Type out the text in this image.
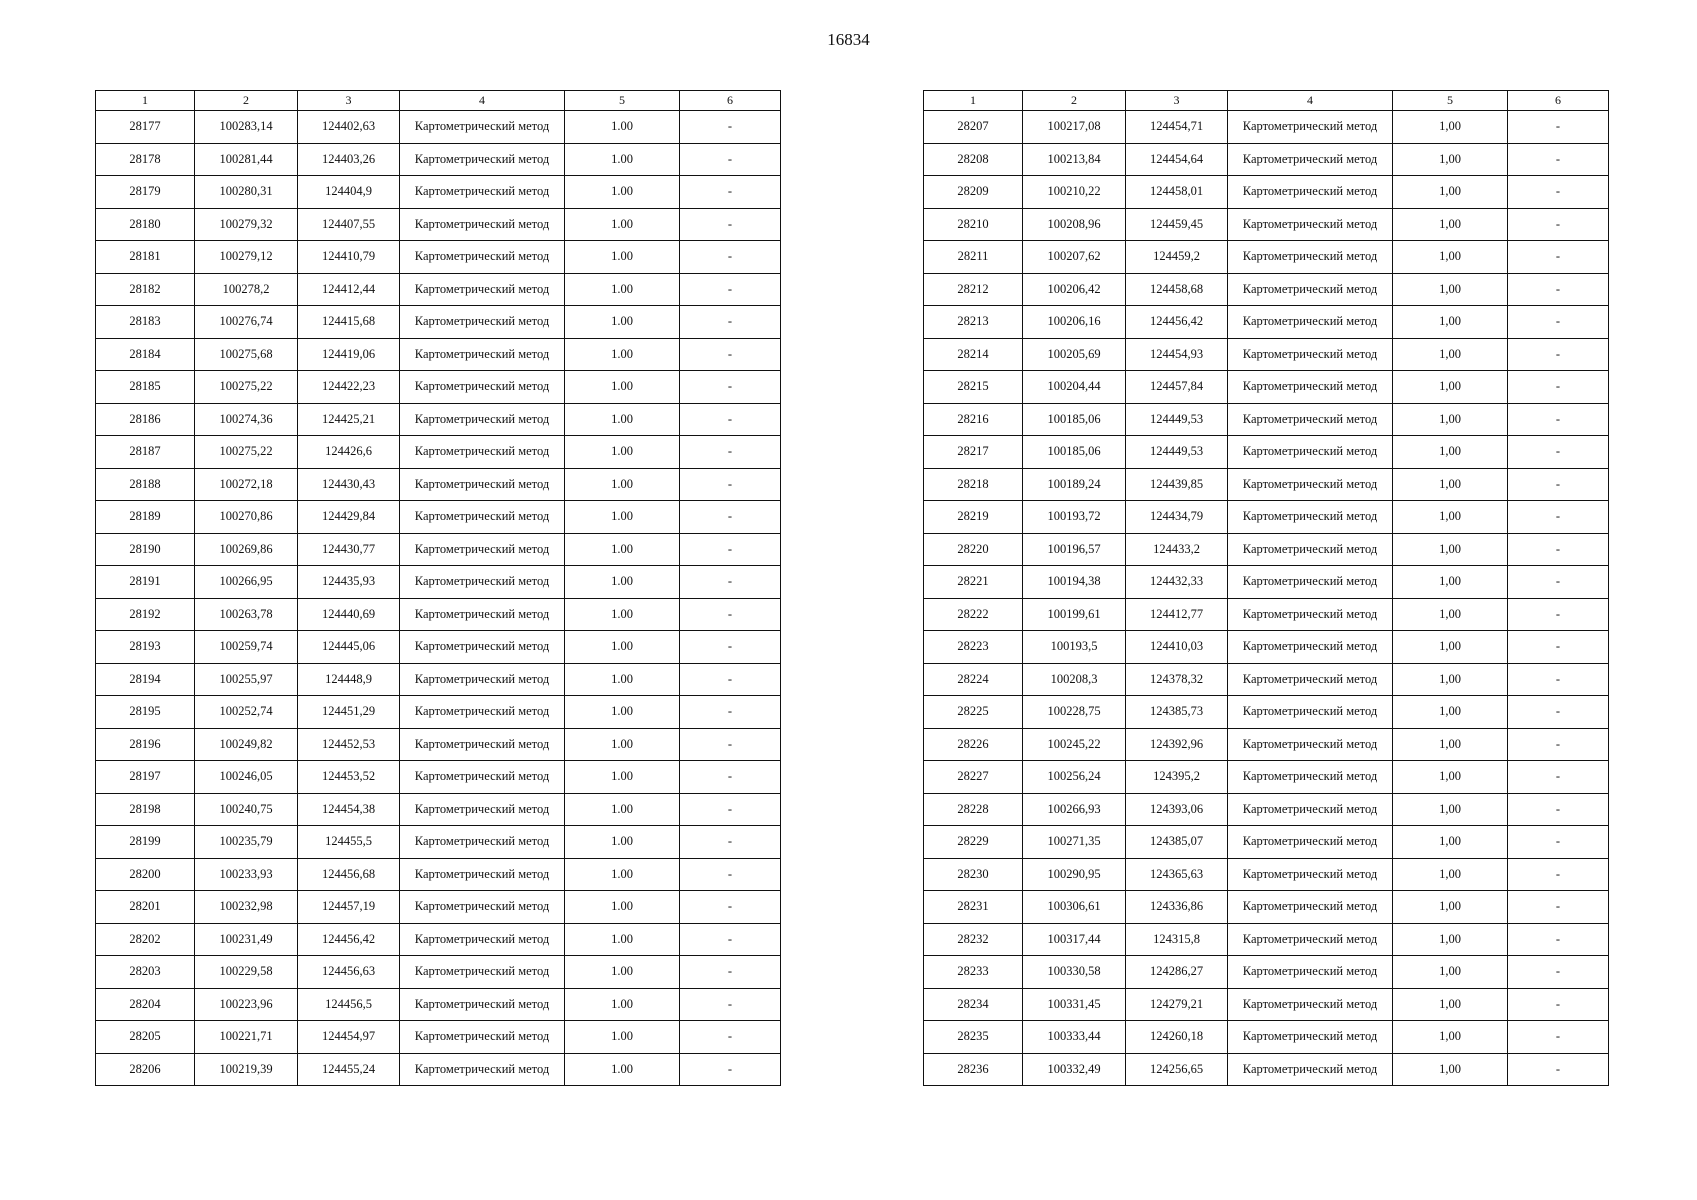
16834
1	2	3	4	5	6
28177	100283,14	124402,63	Картометрический метод	1.00	-
28178	100281,44	124403,26	Картометрический метод	1.00	-
28179	100280,31	124404,9	Картометрический метод	1.00	-
28180	100279,32	124407,55	Картометрический метод	1.00	-
28181	100279,12	124410,79	Картометрический метод	1.00	-
28182	100278,2	124412,44	Картометрический метод	1.00	-
28183	100276,74	124415,68	Картометрический метод	1.00	-
28184	100275,68	124419,06	Картометрический метод	1.00	-
28185	100275,22	124422,23	Картометрический метод	1.00	-
28186	100274,36	124425,21	Картометрический метод	1.00	-
28187	100275,22	124426,6	Картометрический метод	1.00	-
28188	100272,18	124430,43	Картометрический метод	1.00	-
28189	100270,86	124429,84	Картометрический метод	1.00	-
28190	100269,86	124430,77	Картометрический метод	1.00	-
28191	100266,95	124435,93	Картометрический метод	1.00	-
28192	100263,78	124440,69	Картометрический метод	1.00	-
28193	100259,74	124445,06	Картометрический метод	1.00	-
28194	100255,97	124448,9	Картометрический метод	1.00	-
28195	100252,74	124451,29	Картометрический метод	1.00	-
28196	100249,82	124452,53	Картометрический метод	1.00	-
28197	100246,05	124453,52	Картометрический метод	1.00	-
28198	100240,75	124454,38	Картометрический метод	1.00	-
28199	100235,79	124455,5	Картометрический метод	1.00	-
28200	100233,93	124456,68	Картометрический метод	1.00	-
28201	100232,98	124457,19	Картометрический метод	1.00	-
28202	100231,49	124456,42	Картометрический метод	1.00	-
28203	100229,58	124456,63	Картометрический метод	1.00	-
28204	100223,96	124456,5	Картометрический метод	1.00	-
28205	100221,71	124454,97	Картометрический метод	1.00	-
28206	100219,39	124455,24	Картометрический метод	1.00	-
1	2	3	4	5	6
28207	100217,08	124454,71	Картометрический метод	1,00	-
28208	100213,84	124454,64	Картометрический метод	1,00	-
28209	100210,22	124458,01	Картометрический метод	1,00	-
28210	100208,96	124459,45	Картометрический метод	1,00	-
28211	100207,62	124459,2	Картометрический метод	1,00	-
28212	100206,42	124458,68	Картометрический метод	1,00	-
28213	100206,16	124456,42	Картометрический метод	1,00	-
28214	100205,69	124454,93	Картометрический метод	1,00	-
28215	100204,44	124457,84	Картометрический метод	1,00	-
28216	100185,06	124449,53	Картометрический метод	1,00	-
28217	100185,06	124449,53	Картометрический метод	1,00	-
28218	100189,24	124439,85	Картометрический метод	1,00	-
28219	100193,72	124434,79	Картометрический метод	1,00	-
28220	100196,57	124433,2	Картометрический метод	1,00	-
28221	100194,38	124432,33	Картометрический метод	1,00	-
28222	100199,61	124412,77	Картометрический метод	1,00	-
28223	100193,5	124410,03	Картометрический метод	1,00	-
28224	100208,3	124378,32	Картометрический метод	1,00	-
28225	100228,75	124385,73	Картометрический метод	1,00	-
28226	100245,22	124392,96	Картометрический метод	1,00	-
28227	100256,24	124395,2	Картометрический метод	1,00	-
28228	100266,93	124393,06	Картометрический метод	1,00	-
28229	100271,35	124385,07	Картометрический метод	1,00	-
28230	100290,95	124365,63	Картометрический метод	1,00	-
28231	100306,61	124336,86	Картометрический метод	1,00	-
28232	100317,44	124315,8	Картометрический метод	1,00	-
28233	100330,58	124286,27	Картометрический метод	1,00	-
28234	100331,45	124279,21	Картометрический метод	1,00	-
28235	100333,44	124260,18	Картометрический метод	1,00	-
28236	100332,49	124256,65	Картометрический метод	1,00	-
